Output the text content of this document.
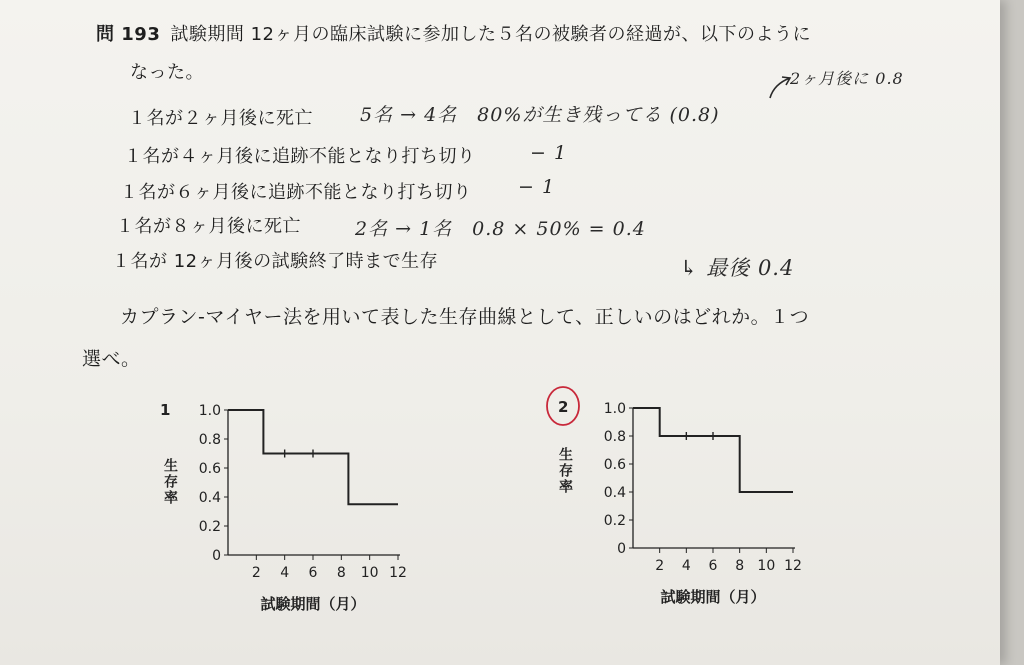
問 193 試験期間 12ヶ月の臨床試験に参加した５名の被験者の経過が、以下のように
なった。
１名が２ヶ月後に死亡
１名が４ヶ月後に追跡不能となり打ち切り
１名が６ヶ月後に追跡不能となり打ち切り
１名が８ヶ月後に死亡
１名が 12ヶ月後の試験終了時まで生存
カプラン-マイヤー法を用いて表した生存曲線として、正しいのはどれか。１つ
選べ。
2ヶ月後に 0.8
5名 → 4名　80%が生き残ってる (0.8)
− 1
− 1
2名 → 1名　0.8 × 50% = 0.4
↳ 最後 0.4
0
0.2
0.4
0.6
0.8
1.0
2 4 6 8 10 12
1
生存率
試験期間（月）
0
0.2
0.4
0.6
0.8
1.0
2 4 6 8 10 12
2
生存率
試験期間（月）
